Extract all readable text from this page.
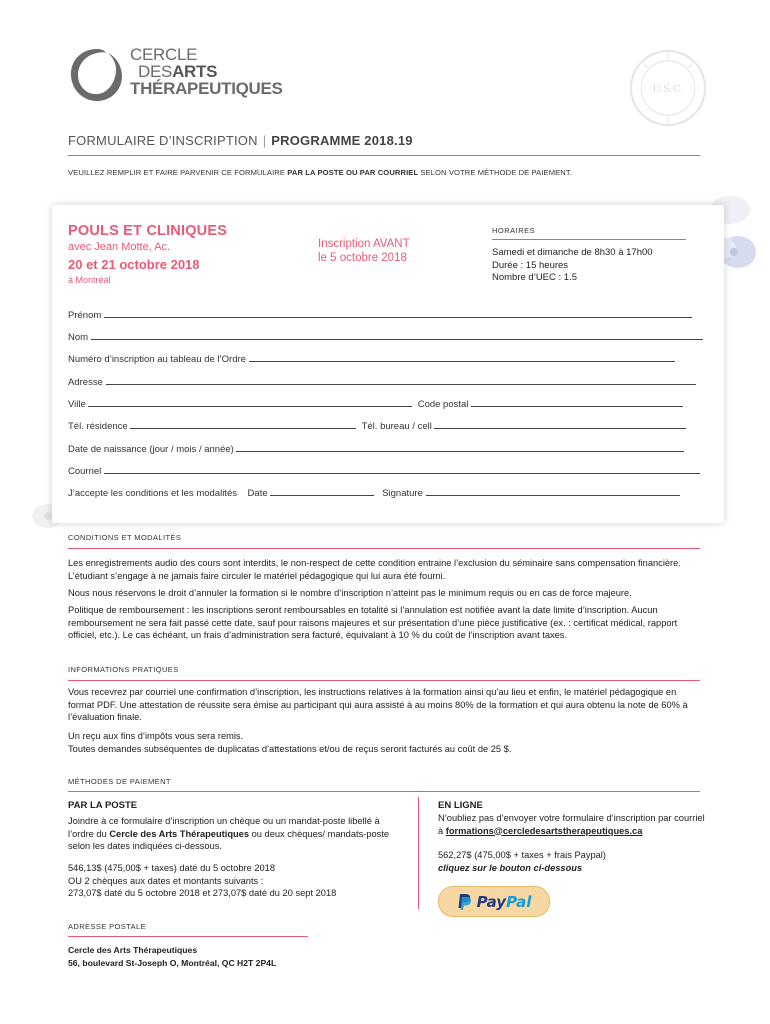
CERCLE
DESARTS
THÉRAPEUTIQUES	U.S.C.
FORMULAIRE D’INSCRIPTION | PROGRAMME 2018.19
VEUILLEZ REMPLIR ET FAIRE PARVENIR CE FORMULAIRE PAR LA POSTE OU PAR COURRIEL SELON VOTRE MÉTHODE DE PAIEMENT.
POULS ET CLINIQUES
avec Jean Motte, Ac.
20 et 21 octobre 2018
à Montréal
Inscription AVANT
le 5 octobre 2018
HORAIRES
Samedi et dimanche de 8h30 à 17h00
Durée : 15 heures
Nombre d’UEC : 1.5
Prénom
Nom
Numéro d’inscription au tableau de l’Ordre
Adresse
Ville	Code postal
Tél. résidence	Tél. bureau / cell
Date de naissance (jour / mois / année)
Courriel
J’accepte les conditions et les modalités Date	Signature
CONDITIONS ET MODALITÉS
Les enregistrements audio des cours sont interdits, le non-respect de cette condition entraine l’exclusion du séminaire sans compensation financière. L’étudiant s’engage à ne jamais faire circuler le matériel pédagogique qui lui aura été fourni.
Nous nous réservons le droit d’annuler la formation si le nombre d’inscription n’atteint pas le minimum requis ou en cas de force majeure.
Politique de remboursement : les inscriptions seront remboursables en totalité si l’annulation est notifiée avant la date limite d’inscription. Aucun remboursement ne sera fait passé cette date, sauf pour raisons majeures et sur présentation d’une pièce justificative (ex. : certificat médical, rapport officiel, etc.). Le cas échéant, un frais d’administration sera facturé, équivalant à 10 % du coût de l’inscription avant taxes.
INFORMATIONS PRATIQUES
Vous recevrez par courriel une confirmation d’inscription, les instructions relatives à la formation ainsi qu’au lieu et enfin, le matériel pédagogique en format PDF. Une attestation de réussite sera émise au participant qui aura assisté à au moins 80% de la formation et qui aura obtenu la note de 60% à l’évaluation finale.
Un reçu aux fins d’impôts vous sera remis.
Toutes demandes subséquentes de duplicatas d’attestations et/ou de reçus seront facturés au coût de 25 $.
MÉTHODES DE PAIEMENT
PAR LA POSTE
Joindre à ce formulaire d’inscription un chèque ou un mandat-poste libellé à l’ordre du Cercle des Arts Thérapeutiques ou deux chèques/ mandats-poste selon les dates indiquées ci-dessous.
546,13$ (475,00$ + taxes) daté du 5 octobre 2018
OU 2 chèques aux dates et montants suivants :
273,07$ daté du 5 octobre 2018 et 273,07$ daté du 20 sept 2018
EN LIGNE
N’oubliez pas d’envoyer votre formulaire d’inscription par courriel à formations@cercledesartstherapeutiques.ca
562,27$ (475,00$ + taxes + frais Paypal)
cliquez sur le bouton ci-dessous
PayPal
ADRESSE POSTALE
Cercle des Arts Thérapeutiques
56, boulevard St-Joseph O, Montréal, QC H2T 2P4L
